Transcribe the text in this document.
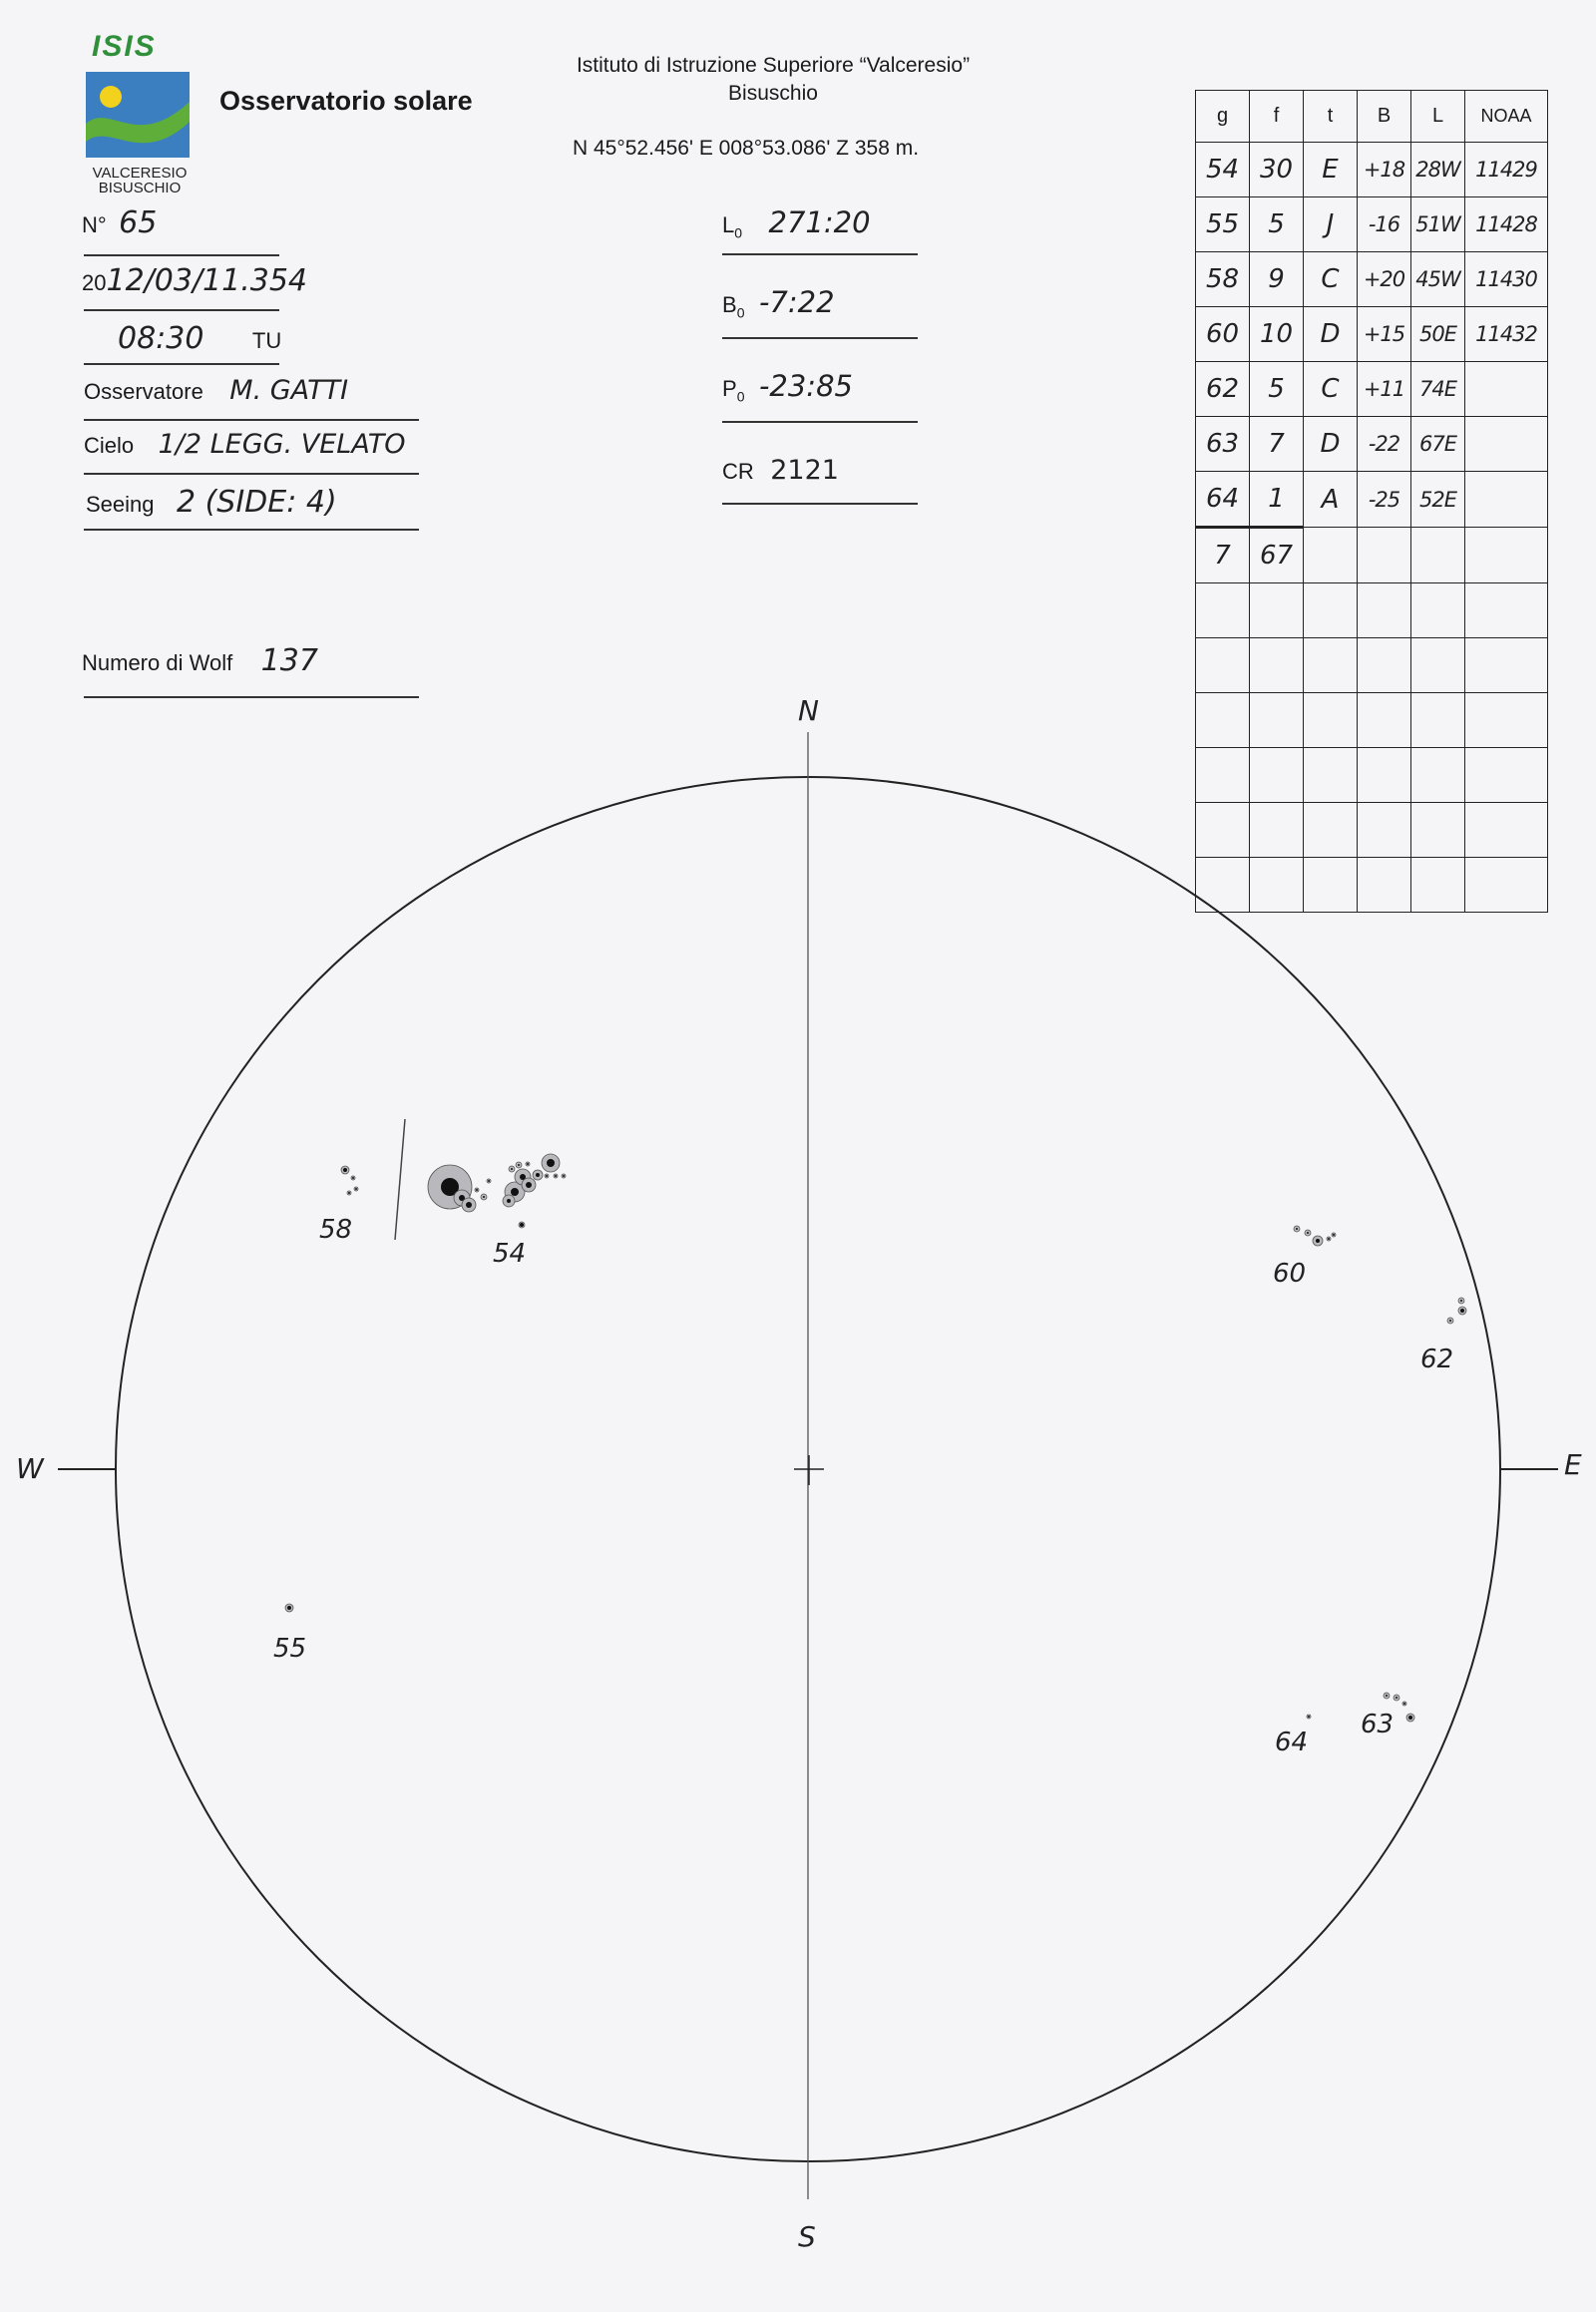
ISIS
VALCERESIO
BISUSCHIO
Osservatorio solare
Istituto di Istruzione Superiore “Valceresio”
Bisuschio
N 45°52.456' E 008°53.086' Z 358 m.
N° 65
2012/03/11.354
08:30 TU
Osservatore M. GATTI
Cielo 1/2 LEGG. VELATO
Seeing 2 (SIDE: 4)
Numero di Wolf 137
$L_0$ 271:20
$B_0$ -7:22
$P_0$ -23:85
CR 2121
g	f	t	B	L	NOAA
54	30	E	+18	28W	11429
55	5	J	-16	51W	11428
58	9	C	+20	45W	11430
60	10	D	+15	50E	11432
62	5	C	+11	74E	
63	7	D	-22	67E	
64	1	A	-25	52E	
7	67				

N
S
W	E
58
54
60
62
55
63
64
